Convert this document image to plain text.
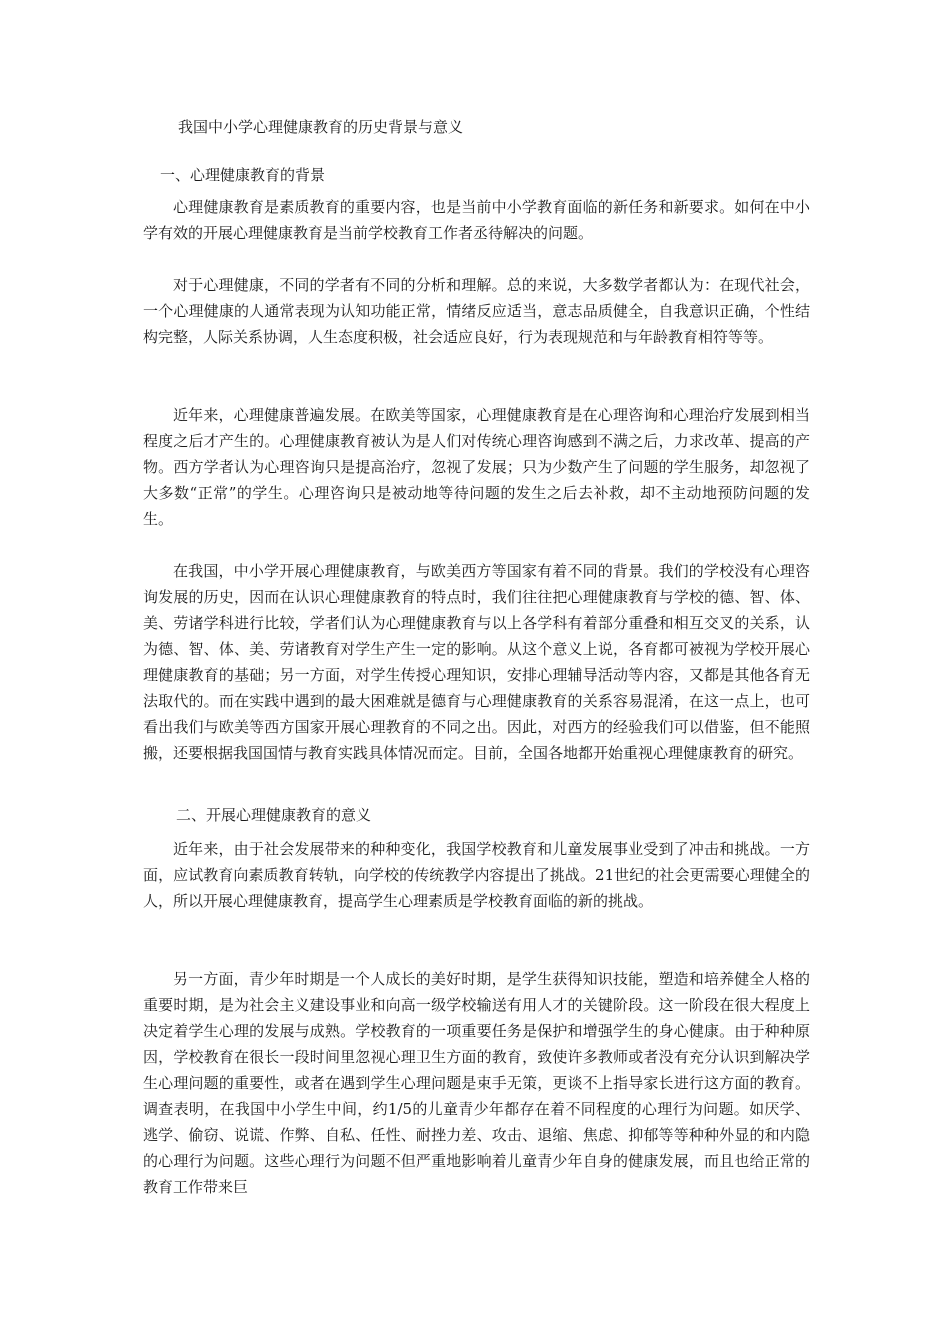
我国中小学心理健康教育的历史背景与意义
一、心理健康教育的背景

心理健康教育是素质教育的重要内容，也是当前中小学教育面临的新任务和新要求。如何在中小学有效的开展心理健康教育是当前学校教育工作者丞待解决的问题。

对于心理健康，不同的学者有不同的分析和理解。总的来说，大多数学者都认为：在现代社会，一个心理健康的人通常表现为认知功能正常，情绪反应适当，意志品质健全，自我意识正确，个性结构完整，人际关系协调，人生态度积极，社会适应良好，行为表现规范和与年龄教育相符等等。

近年来，心理健康普遍发展。在欧美等国家，心理健康教育是在心理咨询和心理治疗发展到相当程度之后才产生的。心理健康教育被认为是人们对传统心理咨询感到不满之后，力求改革、提高的产物。西方学者认为心理咨询只是提高治疗，忽视了发展；只为少数产生了问题的学生服务，却忽视了大多数“正常”的学生。心理咨询只是被动地等待问题的发生之后去补救，却不主动地预防问题的发生。

在我国，中小学开展心理健康教育，与欧美西方等国家有着不同的背景。我们的学校没有心理咨询发展的历史，因而在认识心理健康教育的特点时，我们往往把心理健康教育与学校的德、智、体、美、劳诸学科进行比较，学者们认为心理健康教育与以上各学科有着部分重叠和相互交叉的关系，认为德、智、体、美、劳诸教育对学生产生一定的影响。从这个意义上说，各育都可被视为学校开展心理健康教育的基础；另一方面，对学生传授心理知识，安排心理辅导活动等内容，又都是其他各育无法取代的。而在实践中遇到的最大困难就是德育与心理健康教育的关系容易混淆，在这一点上，也可看出我们与欧美等西方国家开展心理教育的不同之出。因此，对西方的经验我们可以借鉴，但不能照搬，还要根据我国国情与教育实践具体情况而定。目前，全国各地都开始重视心理健康教育的研究。

二、开展心理健康教育的意义

近年来，由于社会发展带来的种种变化，我国学校教育和儿童发展事业受到了冲击和挑战。一方面，应试教育向素质教育转轨，向学校的传统教学内容提出了挑战。21世纪的社会更需要心理健全的人，所以开展心理健康教育，提高学生心理素质是学校教育面临的新的挑战。

另一方面，青少年时期是一个人成长的美好时期，是学生获得知识技能，塑造和培养健全人格的重要时期，是为社会主义建设事业和向高一级学校输送有用人才的关键阶段。这一阶段在很大程度上决定着学生心理的发展与成熟。学校教育的一项重要任务是保护和增强学生的身心健康。由于种种原因，学校教育在很长一段时间里忽视心理卫生方面的教育，致使许多教师或者没有充分认识到解决学生心理问题的重要性，或者在遇到学生心理问题是束手无策，更谈不上指导家长进行这方面的教育。调查表明，在我国中小学生中间，约1/5的儿童青少年都存在着不同程度的心理行为问题。如厌学、逃学、偷窃、说谎、作弊、自私、任性、耐挫力差、攻击、退缩、焦虑、抑郁等等种种外显的和内隐的心理行为问题。这些心理行为问题不但严重地影响着儿童青少年自身的健康发展，而且也给正常的教育工作带来巨
